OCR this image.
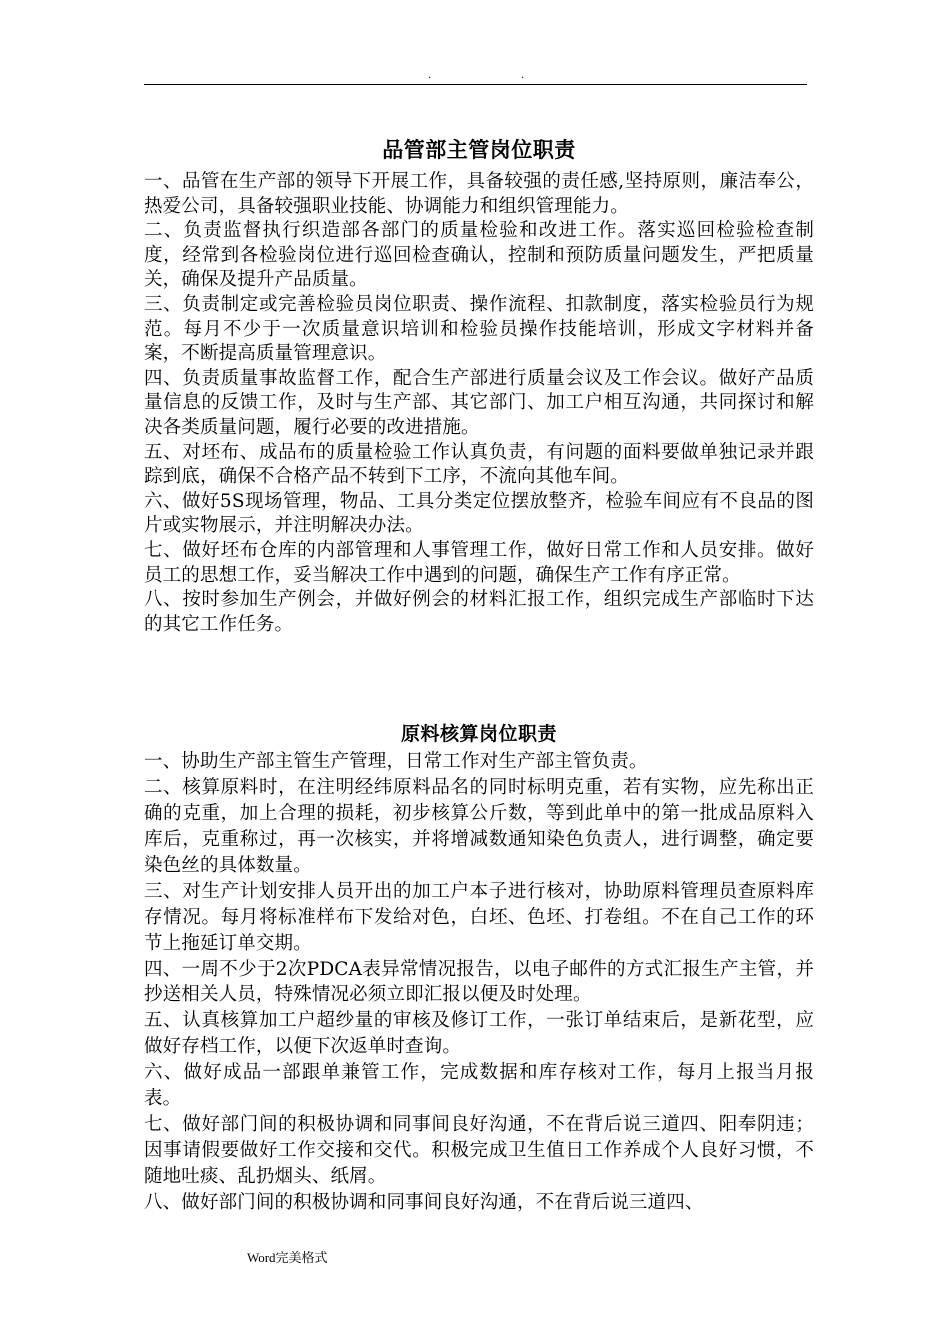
.	.
品管部主管岗位职责

一、品管在生产部的领导下开展工作，具备较强的责任感,坚持原则，廉洁奉公，热爱公司，具备较强职业技能、协调能力和组织管理能力。

二、负责监督执行织造部各部门的质量检验和改进工作。落实巡回检验检查制度，经常到各检验岗位进行巡回检查确认，控制和预防质量问题发生，严把质量关，确保及提升产品质量。

三、负责制定或完善检验员岗位职责、操作流程、扣款制度，落实检验员行为规范。每月不少于一次质量意识培训和检验员操作技能培训，形成文字材料并备案，不断提高质量管理意识。

四、负责质量事故监督工作，配合生产部进行质量会议及工作会议。做好产品质量信息的反馈工作，及时与生产部、其它部门、加工户相互沟通，共同探讨和解决各类质量问题，履行必要的改进措施。

五、对坯布、成品布的质量检验工作认真负责，有问题的面料要做单独记录并跟踪到底，确保不合格产品不转到下工序，不流向其他车间。

六、做好5S现场管理，物品、工具分类定位摆放整齐，检验车间应有不良品的图片或实物展示，并注明解决办法。

七、做好坯布仓库的内部管理和人事管理工作，做好日常工作和人员安排。做好员工的思想工作，妥当解决工作中遇到的问题，确保生产工作有序正常。

八、按时参加生产例会，并做好例会的材料汇报工作，组织完成生产部临时下达的其它工作任务。

原料核算岗位职责

一、协助生产部主管生产管理，日常工作对生产部主管负责。

二、核算原料时，在注明经纬原料品名的同时标明克重，若有实物，应先称出正确的克重，加上合理的损耗，初步核算公斤数，等到此单中的第一批成品原料入库后，克重称过，再一次核实，并将增减数通知染色负责人，进行调整，确定要染色丝的具体数量。

三、对生产计划安排人员开出的加工户本子进行核对，协助原料管理员查原料库存情况。每月将标准样布下发给对色，白坯、色坯、打卷组。不在自己工作的环节上拖延订单交期。

四、一周不少于2次PDCA表异常情况报告，以电子邮件的方式汇报生产主管，并抄送相关人员，特殊情况必须立即汇报以便及时处理。

五、认真核算加工户超纱量的审核及修订工作，一张订单结束后，是新花型，应做好存档工作，以便下次返单时查询。

六、做好成品一部跟单兼管工作，完成数据和库存核对工作，每月上报当月报表。

七、做好部门间的积极协调和同事间良好沟通，不在背后说三道四、阳奉阴违；因事请假要做好工作交接和交代。积极完成卫生值日工作养成个人良好习惯，不随地吐痰、乱扔烟头、纸屑。

八、做好部门间的积极协调和同事间良好沟通，不在背后说三道四、

Word完美格式
